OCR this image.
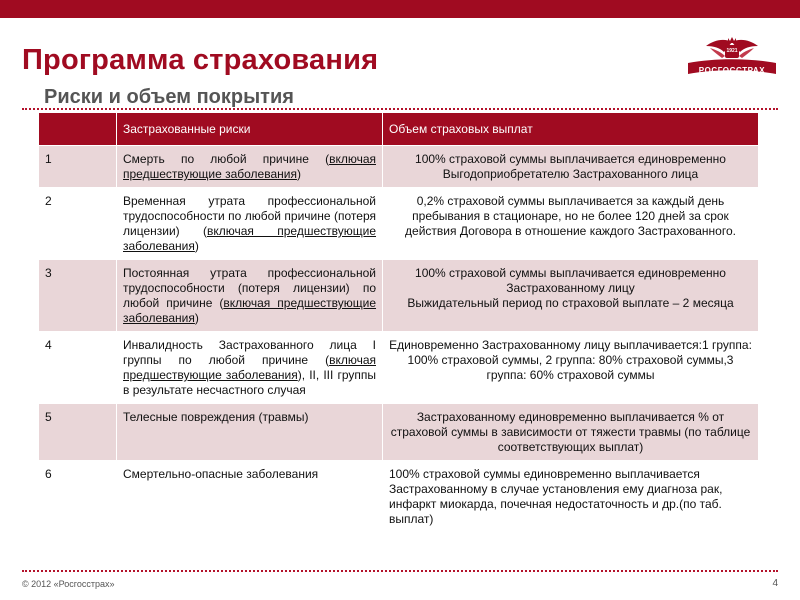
Программа страхования
Риски и объем покрытия
РОСГОССТРАХ
1921
	Застрахованные риски	Объем страховых выплат
1	Смерть по любой причине (включая предшествующие заболевания)	100% страховой суммы выплачивается единовременно Выгодоприобретателю Застрахованного лица
2	Временная утрата профессиональной трудоспособности по любой причине (потеря лицензии) (включая предшествующие заболевания)	0,2% страховой суммы выплачивается за каждый день пребывания в стационаре, но не более 120 дней за срок действия Договора в отношение каждого Застрахованного.
3	Постоянная утрата профессиональной трудоспособности (потеря лицензии) по любой причине (включая предшествующие заболевания)	100% страховой суммы выплачивается единовременно Застрахованному лицу
Выжидательный период по страховой выплате – 2 месяца

4	Инвалидность Застрахованного лица I группы по любой причине (включая предшествующие заболевания), II, III группы в результате несчастного случая	Единовременно Застрахованному лицу выплачивается:1 группа: 100% страховой суммы, 2 группа: 80% страховой суммы,3 группа: 60% страховой суммы
5	Телесные повреждения (травмы)	Застрахованному единовременно выплачивается % от страховой суммы в зависимости от тяжести травмы (по таблице соответствующих выплат)
6	Смертельно-опасные заболевания	100% страховой суммы единовременно выплачивается Застрахованному в случае установления ему диагноза рак, инфаркт миокарда, почечная недостаточность и др.(по таб. выплат)
© 2012 «Росгосстрах»	4
